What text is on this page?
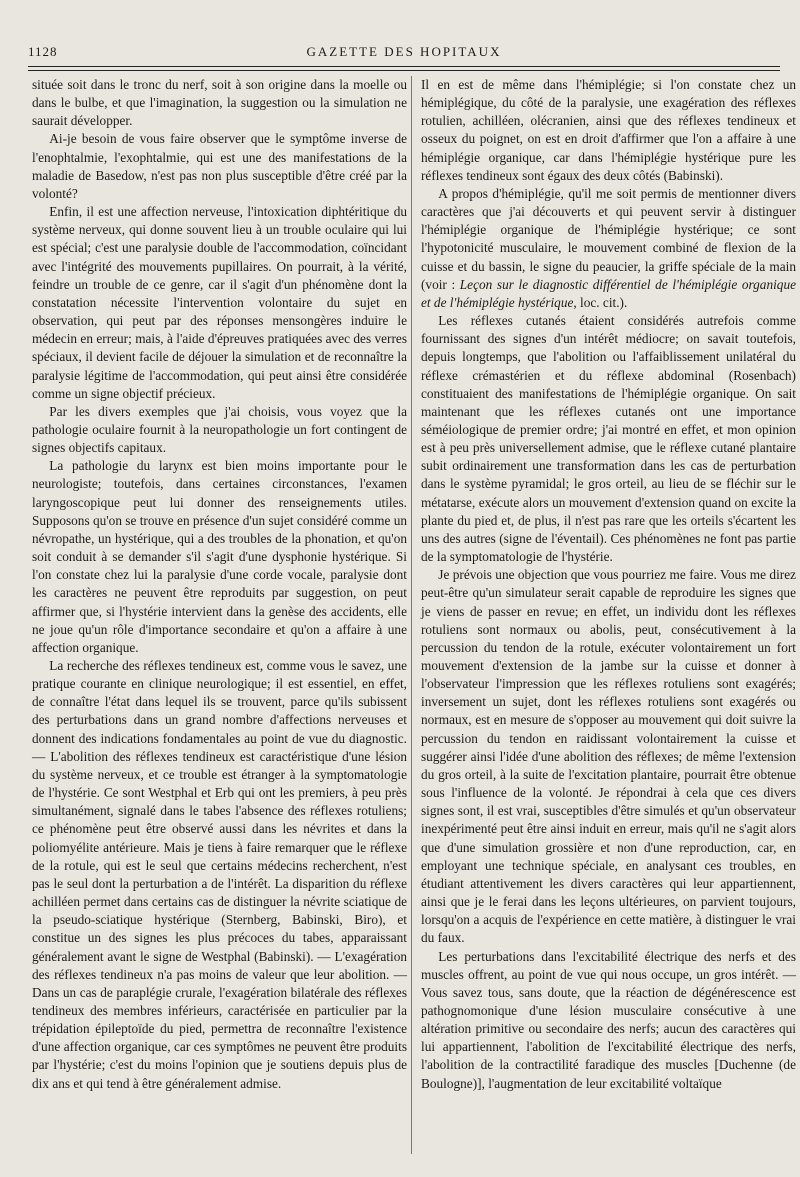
1128	GAZETTE DES HOPITAUX

située soit dans le tronc du nerf, soit à son origine dans la moelle ou dans le bulbe, et que l'imagination, la suggestion ou la simulation ne saurait développer.

Ai-je besoin de vous faire observer que le symptôme inverse de l'enophtalmie, l'exophtalmie, qui est une des manifestations de la maladie de Basedow, n'est pas non plus susceptible d'être créé par la volonté?

Enfin, il est une affection nerveuse, l'intoxication diphtéritique du système nerveux, qui donne souvent lieu à un trouble oculaire qui lui est spécial; c'est une paralysie double de l'accommodation, coïncidant avec l'intégrité des mouvements pupillaires. On pourrait, à la vérité, feindre un trouble de ce genre, car il s'agit d'un phénomène dont la constatation nécessite l'intervention volontaire du sujet en observation, qui peut par des réponses mensongères induire le médecin en erreur; mais, à l'aide d'épreuves pratiquées avec des verres spéciaux, il devient facile de déjouer la simulation et de reconnaître la paralysie légitime de l'accommodation, qui peut ainsi être considérée comme un signe objectif précieux.

Par les divers exemples que j'ai choisis, vous voyez que la pathologie oculaire fournit à la neuropathologie un fort contingent de signes objectifs capitaux.

La pathologie du larynx est bien moins importante pour le neurologiste; toutefois, dans certaines circonstances, l'examen laryngoscopique peut lui donner des renseignements utiles. Supposons qu'on se trouve en présence d'un sujet considéré comme un névropathe, un hystérique, qui a des troubles de la phonation, et qu'on soit conduit à se demander s'il s'agit d'une dysphonie hystérique. Si l'on constate chez lui la paralysie d'une corde vocale, paralysie dont les caractères ne peuvent être reproduits par suggestion, on peut affirmer que, si l'hystérie intervient dans la genèse des accidents, elle ne joue qu'un rôle d'importance secondaire et qu'on a affaire à une affection organique.

La recherche des réflexes tendineux est, comme vous le savez, une pratique courante en clinique neurologique; il est essentiel, en effet, de connaître l'état dans lequel ils se trouvent, parce qu'ils subissent des perturbations dans un grand nombre d'affections nerveuses et donnent des indications fondamentales au point de vue du diagnostic. — L'abolition des réflexes tendineux est caractéristique d'une lésion du système nerveux, et ce trouble est étranger à la symptomatologie de l'hystérie. Ce sont Westphal et Erb qui ont les premiers, à peu près simultanément, signalé dans le tabes l'absence des réflexes rotuliens; ce phénomène peut être observé aussi dans les névrites et dans la poliomyélite antérieure. Mais je tiens à faire remarquer que le réflexe de la rotule, qui est le seul que certains médecins recherchent, n'est pas le seul dont la perturbation a de l'intérêt. La disparition du réflexe achilléen permet dans certains cas de distinguer la névrite sciatique de la pseudo-sciatique hystérique (Sternberg, Babinski, Biro), et constitue un des signes les plus précoces du tabes, apparaissant généralement avant le signe de Westphal (Babinski). — L'exagération des réflexes tendineux n'a pas moins de valeur que leur abolition. — Dans un cas de paraplégie crurale, l'exagération bilatérale des réflexes tendineux des membres inférieurs, caractérisée en particulier par la trépidation épileptoïde du pied, permettra de reconnaître l'existence d'une affection organique, car ces symptômes ne peuvent être produits par l'hystérie; c'est du moins l'opinion que je soutiens depuis plus de dix ans et qui tend à être généralement admise.

Il en est de même dans l'hémiplégie; si l'on constate chez un hémiplégique, du côté de la paralysie, une exagération des réflexes rotulien, achilléen, olécranien, ainsi que des réflexes tendineux et osseux du poignet, on est en droit d'affirmer que l'on a affaire à une hémiplégie organique, car dans l'hémiplégie hystérique pure les réflexes tendineux sont égaux des deux côtés (Babinski).

A propos d'hémiplégie, qu'il me soit permis de mentionner divers caractères que j'ai découverts et qui peuvent servir à distinguer l'hémiplégie organique de l'hémiplégie hystérique; ce sont l'hypotonicité musculaire, le mouvement combiné de flexion de la cuisse et du bassin, le signe du peaucier, la griffe spéciale de la main (voir : Leçon sur le diagnostic différentiel de l'hémiplégie organique et de l'hémiplégie hystérique, loc. cit.).

Les réflexes cutanés étaient considérés autrefois comme fournissant des signes d'un intérêt médiocre; on savait toutefois, depuis longtemps, que l'abolition ou l'affaiblissement unilatéral du réflexe crémastérien et du réflexe abdominal (Rosenbach) constituaient des manifestations de l'hémiplégie organique. On sait maintenant que les réflexes cutanés ont une importance séméiologique de premier ordre; j'ai montré en effet, et mon opinion est à peu près universellement admise, que le réflexe cutané plantaire subit ordinairement une transformation dans les cas de perturbation dans le système pyramidal; le gros orteil, au lieu de se fléchir sur le métatarse, exécute alors un mouvement d'extension quand on excite la plante du pied et, de plus, il n'est pas rare que les orteils s'écartent les uns des autres (signe de l'éventail). Ces phénomènes ne font pas partie de la symptomatologie de l'hystérie.

Je prévois une objection que vous pourriez me faire. Vous me direz peut-être qu'un simulateur serait capable de reproduire les signes que je viens de passer en revue; en effet, un individu dont les réflexes rotuliens sont normaux ou abolis, peut, consécutivement à la percussion du tendon de la rotule, exécuter volontairement un fort mouvement d'extension de la jambe sur la cuisse et donner à l'observateur l'impression que les réflexes rotuliens sont exagérés; inversement un sujet, dont les réflexes rotuliens sont exagérés ou normaux, est en mesure de s'opposer au mouvement qui doit suivre la percussion du tendon en raidissant volontairement la cuisse et suggérer ainsi l'idée d'une abolition des réflexes; de même l'extension du gros orteil, à la suite de l'excitation plantaire, pourrait être obtenue sous l'influence de la volonté. Je répondrai à cela que ces divers signes sont, il est vrai, susceptibles d'être simulés et qu'un observateur inexpérimenté peut être ainsi induit en erreur, mais qu'il ne s'agit alors que d'une simulation grossière et non d'une reproduction, car, en employant une technique spéciale, en analysant ces troubles, en étudiant attentivement les divers caractères qui leur appartiennent, ainsi que je le ferai dans les leçons ultérieures, on parvient toujours, lorsqu'on a acquis de l'expérience en cette matière, à distinguer le vrai du faux.

Les perturbations dans l'excitabilité électrique des nerfs et des muscles offrent, au point de vue qui nous occupe, un gros intérêt. — Vous savez tous, sans doute, que la réaction de dégénérescence est pathognomonique d'une lésion musculaire consécutive à une altération primitive ou secondaire des nerfs; aucun des caractères qui lui appartiennent, l'abolition de l'excitabilité électrique des nerfs, l'abolition de la contractilité faradique des muscles [Duchenne (de Boulogne)], l'augmentation de leur excitabilité voltaïque
